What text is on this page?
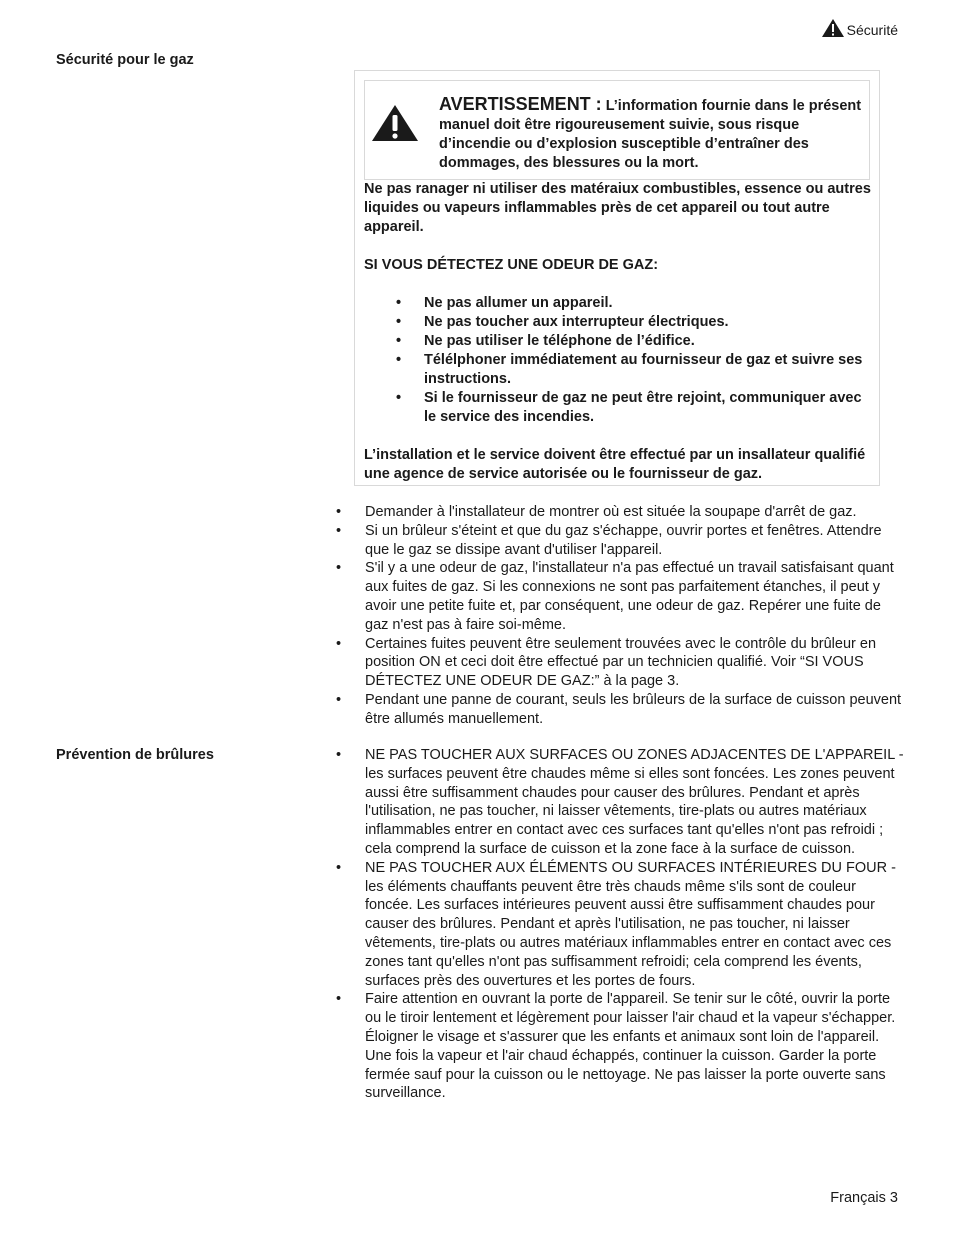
Sécurité
Sécurité pour le gaz
AVERTISSEMENT : L’information fournie dans le présent manuel doit être rigoureusement suivie, sous risque d’incendie ou d’explosion susceptible d’entraîner des dommages, des blessures ou la mort.

Ne pas ranager ni utiliser des matéraiux combustibles, essence ou autres liquides ou vapeurs inflammables près de cet appareil ou tout autre appareil.

SI VOUS DÉTECTEZ UNE ODEUR DE GAZ:

• Ne pas allumer un appareil.
• Ne pas toucher aux interrupteur électriques.
• Ne pas utiliser le téléphone de l’édifice.
• Télélphoner immédiatement au fournisseur de gaz et suivre ses instructions.
• Si le fournisseur de gaz ne peut être rejoint, communiquer avec le service des incendies.

L’installation et le service doivent être effectué par un insallateur qualifié une agence de service autorisée ou le fournisseur de gaz.

• Demander à l'installateur de montrer où est située la soupape d'arrêt de gaz.
• Si un brûleur s'éteint et que du gaz s'échappe, ouvrir portes et fenêtres. Attendre que le gaz se dissipe avant d'utiliser l'appareil.
• S'il y a une odeur de gaz, l'installateur n'a pas effectué un travail satisfaisant quant aux fuites de gaz. Si les connexions ne sont pas parfaitement étanches, il peut y avoir une petite fuite et, par conséquent, une odeur de gaz. Repérer une fuite de gaz n'est pas à faire soi-même.
• Certaines fuites peuvent être seulement trouvées avec le contrôle du brûleur en position ON et ceci doit être effectué par un technicien qualifié. Voir “SI VOUS DÉTECTEZ UNE ODEUR DE GAZ:” à la page 3.
• Pendant une panne de courant, seuls les brûleurs de la surface de cuisson peuvent être allumés manuellement.
Prévention de brûlures
•	NE PAS TOUCHER AUX SURFACES OU ZONES ADJACENTES DE L'APPAREIL - les surfaces peuvent être chaudes même si elles sont foncées. Les zones peuvent aussi être suffisamment chaudes pour causer des brûlures. Pendant et après l'utilisation, ne pas toucher, ni laisser vêtements, tire-plats ou autres matériaux inflammables entrer en contact avec ces surfaces tant qu'elles n'ont pas refroidi ; cela comprend la surface de cuisson et la zone face à la surface de cuisson.
• NE PAS TOUCHER AUX ÉLÉMENTS OU SURFACES INTÉRIEURES DU FOUR - les éléments chauffants peuvent être très chauds même s'ils sont de couleur foncée. Les surfaces intérieures peuvent aussi être suffisamment chaudes pour causer des brûlures. Pendant et après l'utilisation, ne pas toucher, ni laisser vêtements, tire-plats ou autres matériaux inflammables entrer en contact avec ces zones tant qu'elles n'ont pas suffisamment refroidi; cela comprend les évents, surfaces près des ouvertures et les portes de fours.
• Faire attention en ouvrant la porte de l'appareil. Se tenir sur le côté, ouvrir la porte ou le tiroir lentement et légèrement pour laisser l'air chaud et la vapeur s'échapper. Éloigner le visage et s'assurer que les enfants et animaux sont loin de l'appareil. Une fois la vapeur et l'air chaud échappés, continuer la cuisson. Garder la porte fermée sauf pour la cuisson ou le nettoyage. Ne pas laisser la porte ouverte sans surveillance.
Français 3
